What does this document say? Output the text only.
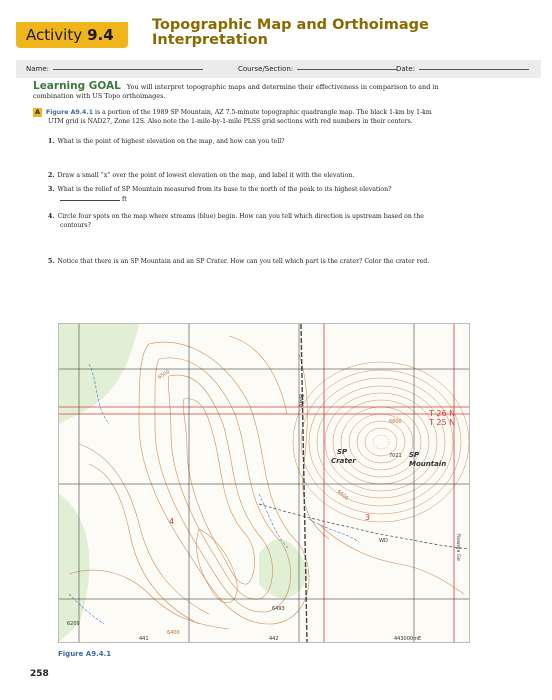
Activity 9.4
Topographic Map and Orthoimage
Interpretation
Name:	Course/Section:	Date:
Learning GOAL You will interpret topographic maps and determine their effectiveness in comparison to and in
combination with US Topo orthoimages.
A Figure A9.4.1 is a portion of the 1989 SP Mountain, AZ 7.5-minute topographic quadrangle map. The black 1-km by 1-km
UTM grid is NAD27, Zone 12S. Also note the 1-mile-by-1-mile PLSS grid sections with red numbers in their centers.
1. What is the point of highest elevation on the map, and how can you tell?
2. Draw a small “x” over the point of lowest elevation on the map, and label it with the elevation.
3. What is the relief of SP Mountain measured from its base to the north of the peak to its highest elevation?
ft
4. Circle four spots on the map where streams (blue) begin. How can you tell which direction is upstream based on the
contours?
5. Notice that there is an SP Mountain and an SP Crater. How can you tell which part is the crater? Color the crater red.
SP
Crater
SP
Mountain
7021
T 26 N
T 25 N
3
4
WD
6800
6500
6600
6209
6400
6493
441	442	443000mE
BMV
Nawaja Ge
Figure A9.4.1
258
